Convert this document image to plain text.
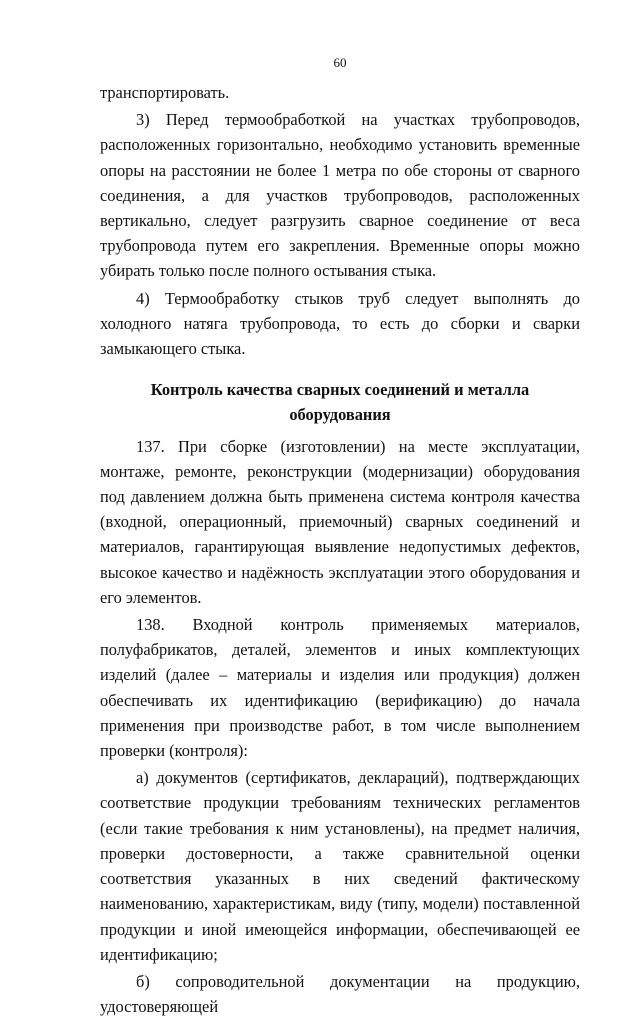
60

транспортировать.

3) Перед термообработкой на участках трубопроводов, расположенных горизонтально, необходимо установить временные опоры на расстоянии не более 1 метра по обе стороны от сварного соединения, а для участков трубопроводов, расположенных вертикально, следует разгрузить сварное соединение от веса трубопровода путем его закрепления. Временные опоры можно убирать только после полного остывания стыка.

4) Термообработку стыков труб следует выполнять до холодного натяга трубопровода, то есть до сборки и сварки замыкающего стыка.

Контроль качества сварных соединений и металла оборудования

137. При сборке (изготовлении) на месте эксплуатации, монтаже, ремонте, реконструкции (модернизации) оборудования под давлением должна быть применена система контроля качества (входной, операционный, приемочный) сварных соединений и материалов, гарантирующая выявление недопустимых дефектов, высокое качество и надёжность эксплуатации этого оборудования и его элементов.

138. Входной контроль применяемых материалов, полуфабрикатов, деталей, элементов и иных комплектующих изделий (далее – материалы и изделия или продукция) должен обеспечивать их идентификацию (верификацию) до начала применения при производстве работ, в том числе выполнением проверки (контроля):

а) документов (сертификатов, деклараций), подтверждающих соответствие продукции требованиям технических регламентов (если такие требования к ним установлены), на предмет наличия, проверки достоверности, а также сравнительной оценки соответствия указанных в них сведений фактическому наименованию, характеристикам, виду (типу, модели) поставленной продукции и иной имеющейся информации, обеспечивающей ее идентификацию;

б) сопроводительной документации на продукцию, удостоверяющей
